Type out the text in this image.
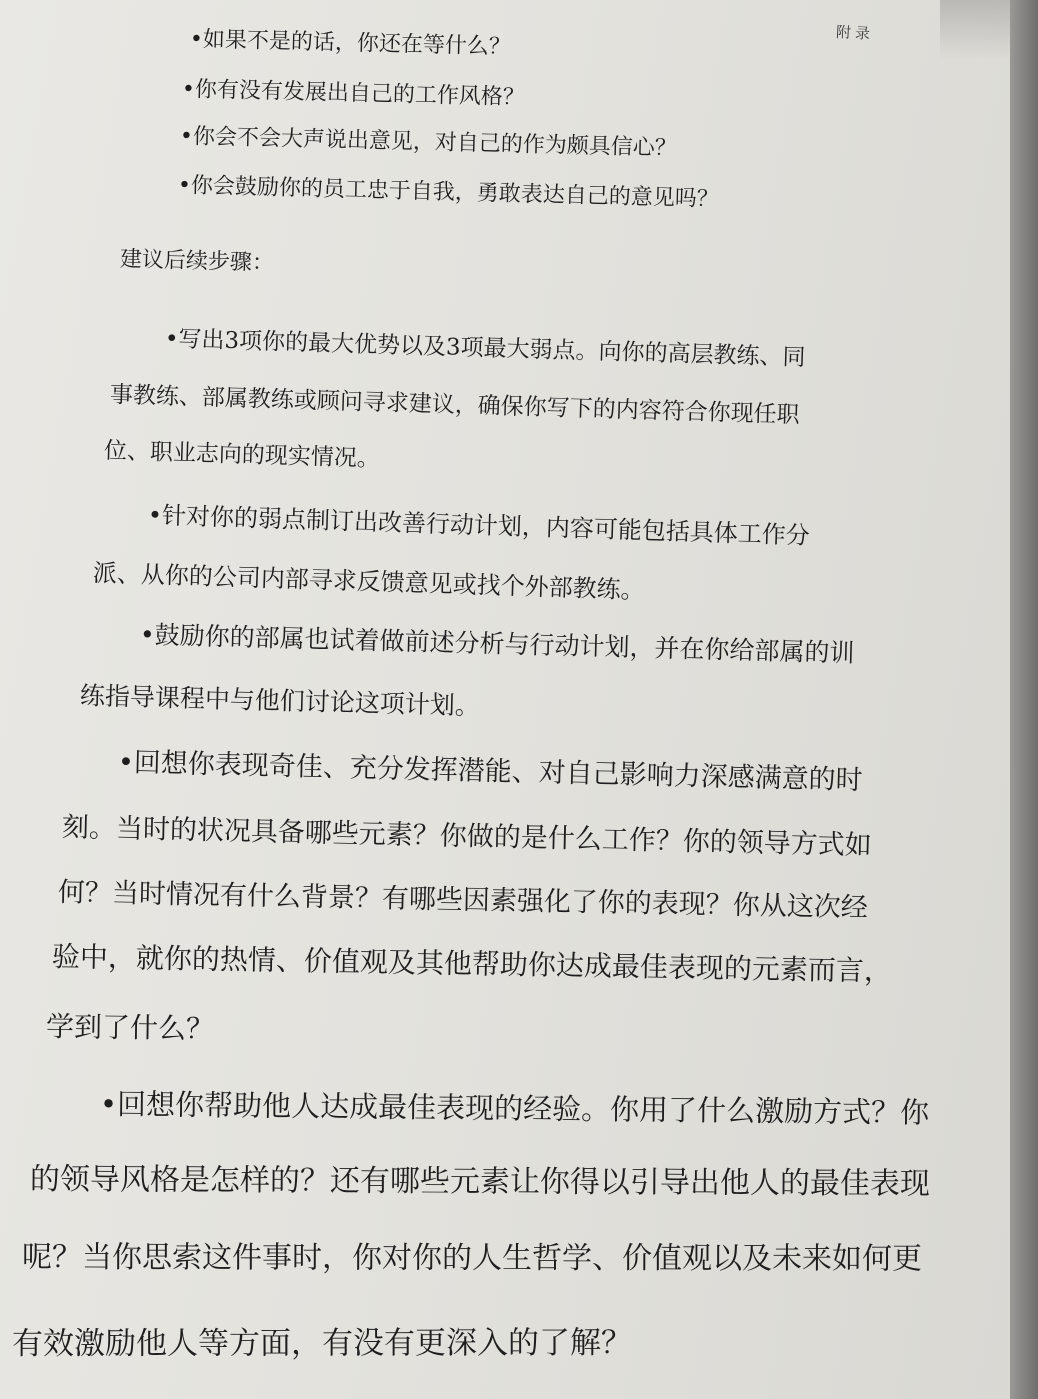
附录
•如果不是的话，你还在等什么？
•你有没有发展出自己的工作风格？
•你会不会大声说出意见，对自己的作为颇具信心？
•你会鼓励你的员工忠于自我，勇敢表达自己的意见吗？
建议后续步骤：
•写出3项你的最大优势以及3项最大弱点。向你的高层教练、同
事教练、部属教练或顾问寻求建议，确保你写下的内容符合你现任职
位、职业志向的现实情况。
•针对你的弱点制订出改善行动计划，内容可能包括具体工作分
派、从你的公司内部寻求反馈意见或找个外部教练。
•鼓励你的部属也试着做前述分析与行动计划，并在你给部属的训
练指导课程中与他们讨论这项计划。
•回想你表现奇佳、充分发挥潜能、对自己影响力深感满意的时
刻。当时的状况具备哪些元素？你做的是什么工作？你的领导方式如
何？当时情况有什么背景？有哪些因素强化了你的表现？你从这次经
验中，就你的热情、价值观及其他帮助你达成最佳表现的元素而言，
学到了什么？
•回想你帮助他人达成最佳表现的经验。你用了什么激励方式？你
的领导风格是怎样的？还有哪些元素让你得以引导出他人的最佳表现
呢？当你思索这件事时，你对你的人生哲学、价值观以及未来如何更
有效激励他人等方面，有没有更深入的了解？
